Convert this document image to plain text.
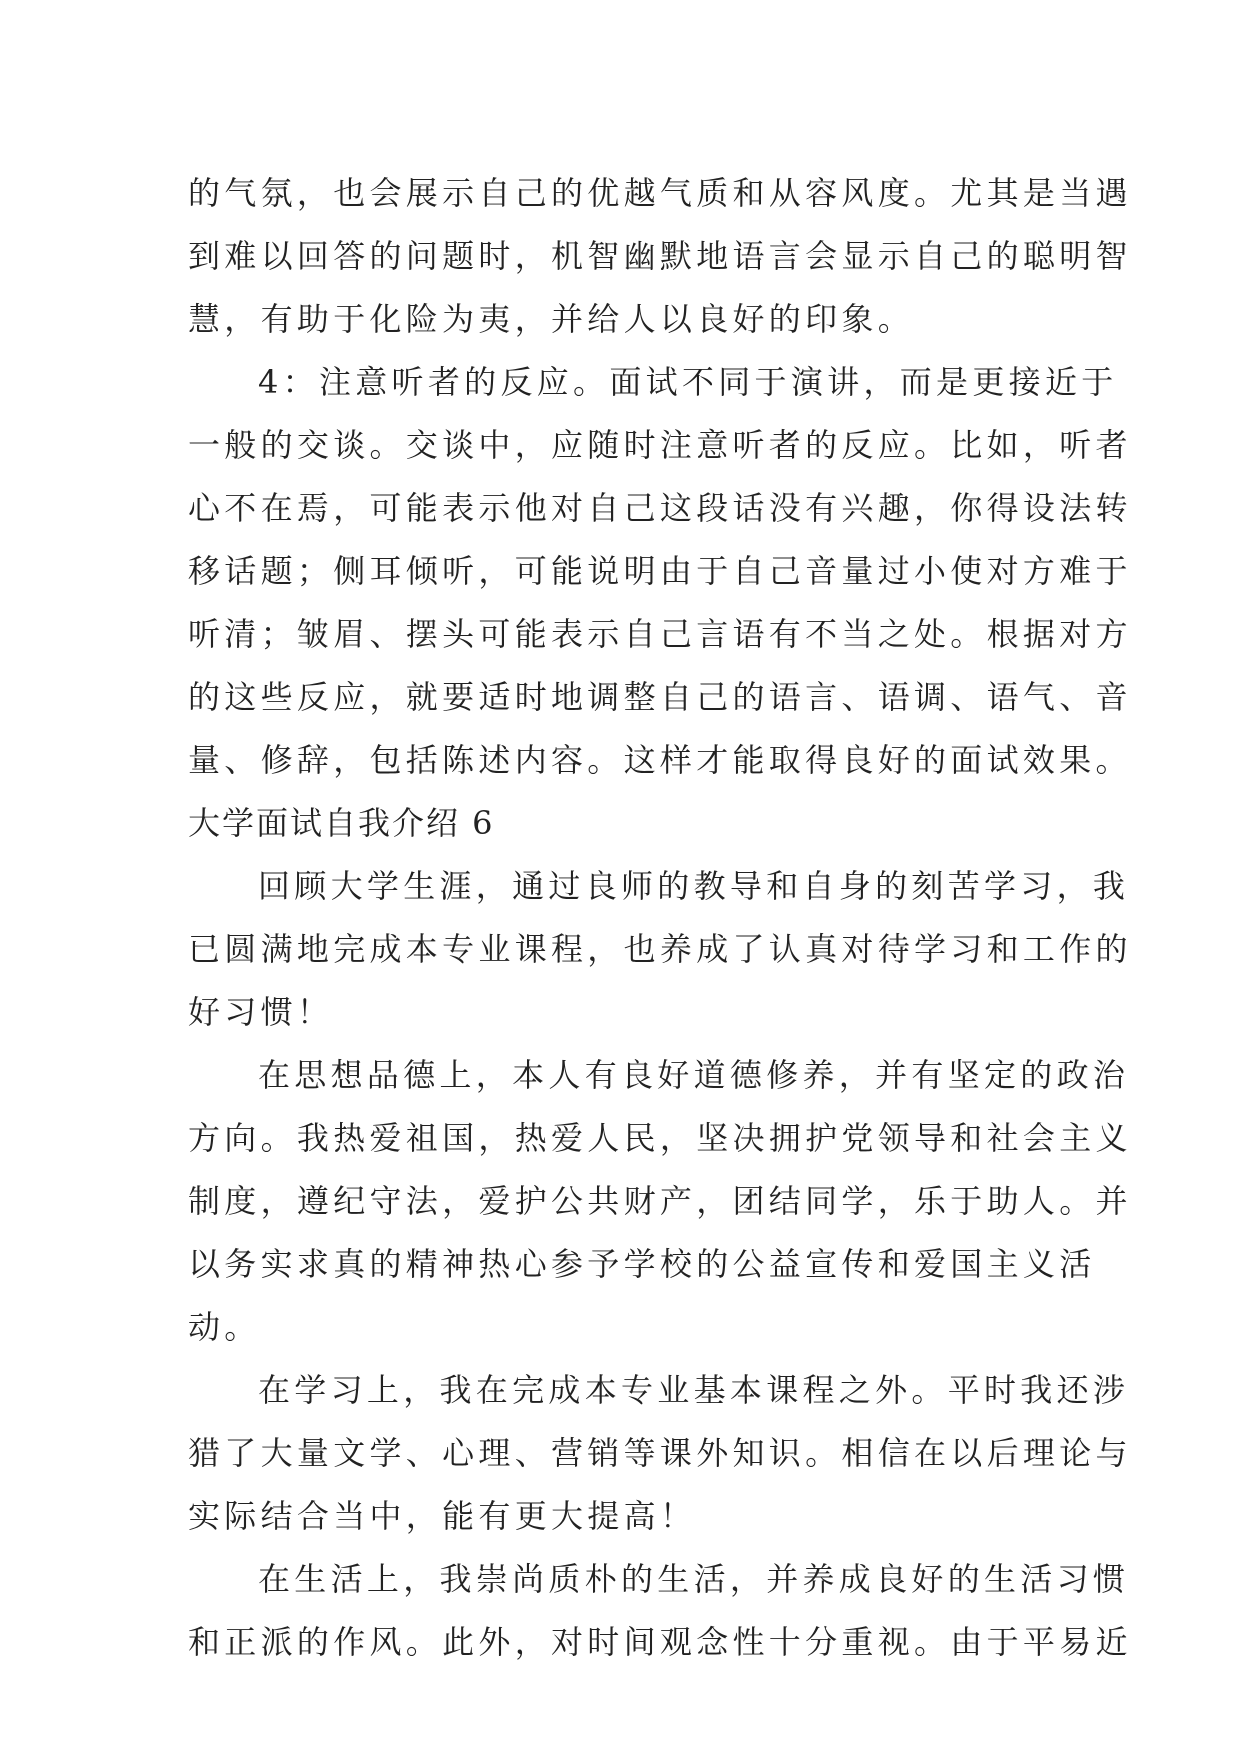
的气氛，也会展示自己的优越气质和从容风度。尤其是当遇
到难以回答的问题时，机智幽默地语言会显示自己的聪明智
慧，有助于化险为夷，并给人以良好的印象。
4：注意听者的反应。面试不同于演讲，而是更接近于
一般的交谈。交谈中，应随时注意听者的反应。比如，听者
心不在焉，可能表示他对自己这段话没有兴趣，你得设法转
移话题；侧耳倾听，可能说明由于自己音量过小使对方难于
听清；皱眉、摆头可能表示自己言语有不当之处。根据对方
的这些反应，就要适时地调整自己的语言、语调、语气、音
量、修辞，包括陈述内容。这样才能取得良好的面试效果。
大学面试自我介绍 6
回顾大学生涯，通过良师的教导和自身的刻苦学习，我
已圆满地完成本专业课程，也养成了认真对待学习和工作的
好习惯！
在思想品德上，本人有良好道德修养，并有坚定的政治
方向。我热爱祖国，热爱人民，坚决拥护党领导和社会主义
制度，遵纪守法，爱护公共财产，团结同学，乐于助人。并
以务实求真的精神热心参予学校的公益宣传和爱国主义活
动。
在学习上，我在完成本专业基本课程之外。平时我还涉
猎了大量文学、心理、营销等课外知识。相信在以后理论与
实际结合当中，能有更大提高！
在生活上，我崇尚质朴的生活，并养成良好的生活习惯
和正派的作风。此外，对时间观念性十分重视。由于平易近
